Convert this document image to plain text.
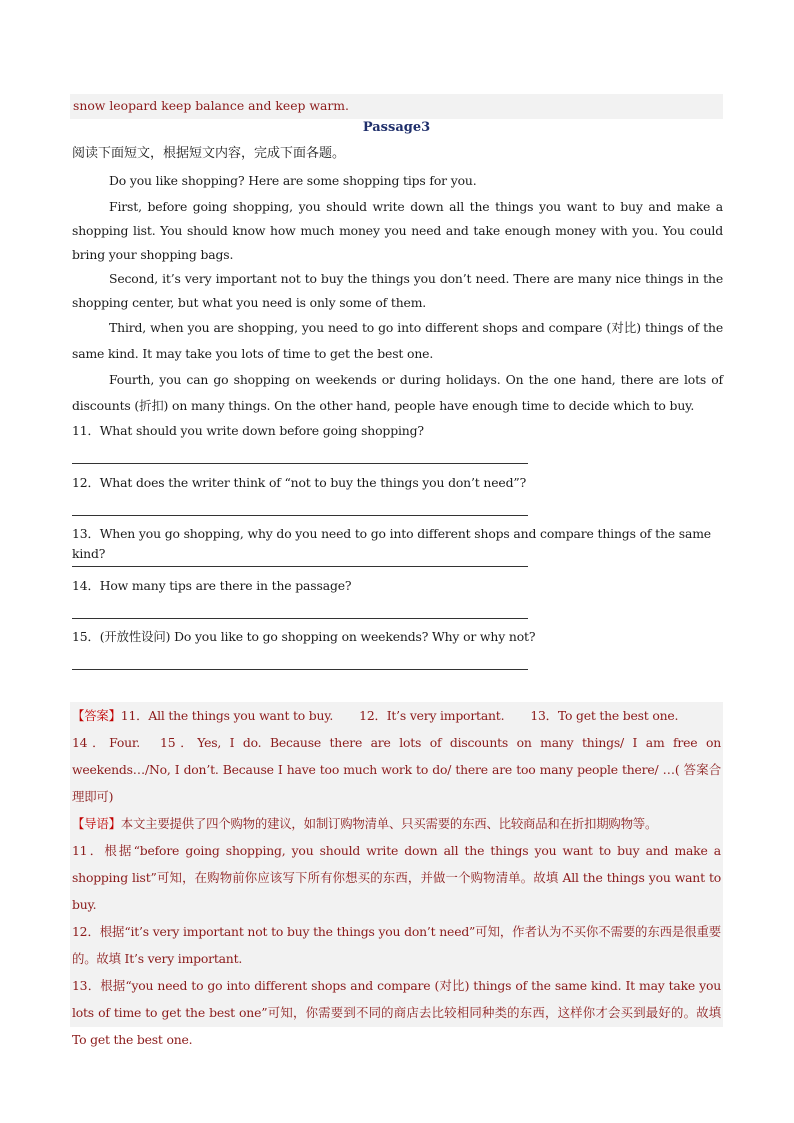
snow leopard keep balance and keep warm.
Passage3
阅读下面短文，根据短文内容，完成下面各题。

Do you like shopping? Here are some shopping tips for you.

First, before going shopping, you should write down all the things you want to buy and make a shopping list. You should know how much money you need and take enough money with you. You could bring your shopping bags.

Second, it’s very important not to buy the things you don’t need. There are many nice things in the shopping center, but what you need is only some of them.

Third, when you are shopping, you need to go into different shops and compare (对比) things of the same kind. It may take you lots of time to get the best one.

Fourth, you can go shopping on weekends or during holidays. On the one hand, there are lots of discounts (折扣) on many things. On the other hand, people have enough time to decide which to buy.

11．What should you write down before going shopping?
12．What does the writer think of “not to buy the things you don’t need”?
13．When you go shopping, why do you need to go into different shops and compare things of the same kind?
14．How many tips are there in the passage?
15．(开放性设问) Do you like to go shopping on weekends? Why or why not?

【答案】11．All the things you want to buy. 12．It’s very important. 13．To get the best one.

14．Four. 15．Yes, I do. Because there are lots of discounts on many things/ I am free on weekends…/No, I don’t. Because I have too much work to do/ there are too many people there/ …( 答案合理即可)

【导语】本文主要提供了四个购物的建议，如制订购物清单、只买需要的东西、比较商品和在折扣期购物等。

11．根据“before going shopping, you should write down all the things you want to buy and make a shopping list”可知，在购物前你应该写下所有你想买的东西，并做一个购物清单。故填 All the things you want to buy.

12．根据“it’s very important not to buy the things you don’t need”可知，作者认为不买你不需要的东西是很重要的。故填 It’s very important.

13．根据“you need to go into different shops and compare (对比) things of the same kind. It may take you lots of time to get the best one”可知，你需要到不同的商店去比较相同种类的东西，这样你才会买到最好的。故填 To get the best one.
